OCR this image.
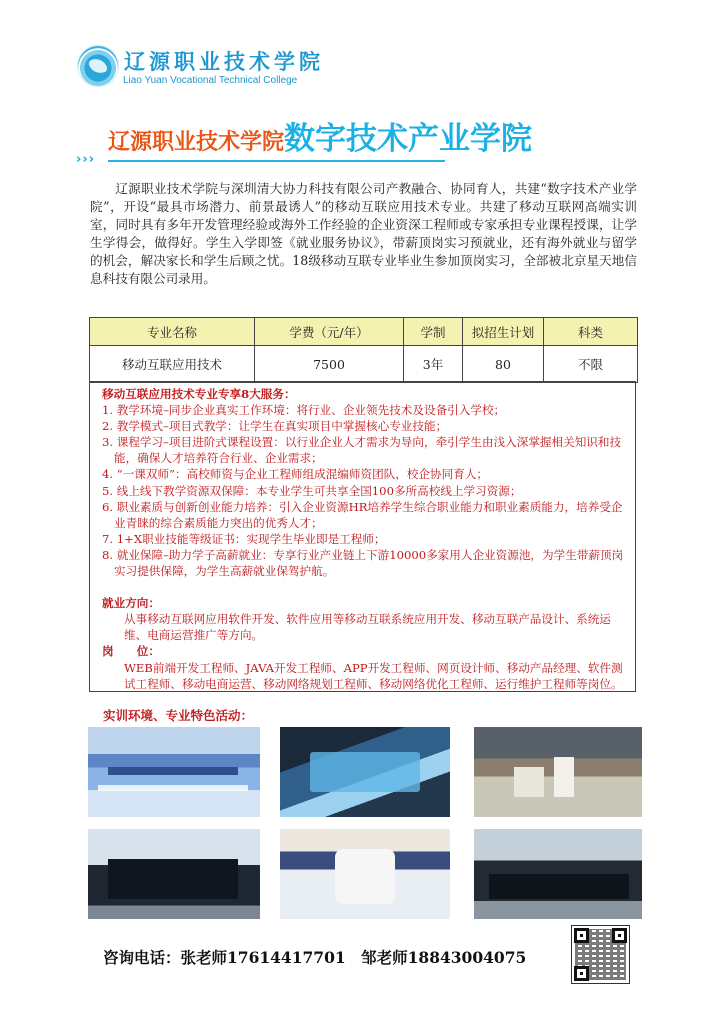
辽源职业技术学院
Liao Yuan Vocational Technical College
辽源职业技术学院数字技术产业学院
›››

辽源职业技术学院与深圳清大协力科技有限公司产教融合、协同育人，共建“数字技术产业学院”，开设“最具市场潜力、前景最诱人”的移动互联应用技术专业。共建了移动互联网高端实训室，同时具有多年开发管理经验或海外工作经验的企业资深工程师或专家承担专业课程授课，让学生学得会，做得好。学生入学即签《就业服务协议》，带薪顶岗实习预就业，还有海外就业与留学的机会，解决家长和学生后顾之忧。18级移动互联专业毕业生参加顶岗实习，全部被北京星天地信息科技有限公司录用。

专业名称	学费（元/年）	学制	拟招生计划	科类
移动互联应用技术	7500	3年	80	不限
移动互联应用技术专业专享8大服务：

1. 教学环境–同步企业真实工作环境：将行业、企业领先技术及设备引入学校；

2. 教学模式–项目式教学：让学生在真实项目中掌握核心专业技能；

3. 课程学习–项目进阶式课程设置：以行业企业人才需求为导向，牵引学生由浅入深掌握相关知识和技能，确保人才培养符合行业、企业需求；

4. “一课双师”：高校师资与企业工程师组成混编师资团队，校企协同育人；

5. 线上线下教学资源双保障：本专业学生可共享全国100多所高校线上学习资源；

6. 职业素质与创新创业能力培养：引入企业资源HR培养学生综合职业能力和职业素质能力，培养受企业青睐的综合素质能力突出的优秀人才；

7. 1+X职业技能等级证书：实现学生毕业即是工程师；

8. 就业保障–助力学子高薪就业：专享行业产业链上下游10000多家用人企业资源池，为学生带薪顶岗实习提供保障，为学生高薪就业保驾护航。

就业方向：

从事移动互联网应用软件开发、软件应用等移动互联系统应用开发、移动互联产品设计、系统运维、电商运营推广等方向。

岗　　位：

WEB前端开发工程师、JAVA开发工程师、APP开发工程师、网页设计师、移动产品经理、软件测试工程师、移动电商运营、移动网络规划工程师、移动网络优化工程师、运行维护工程师等岗位。

实训环境、专业特色活动：
咨询电话：张老师17614417701　邹老师18843004075
